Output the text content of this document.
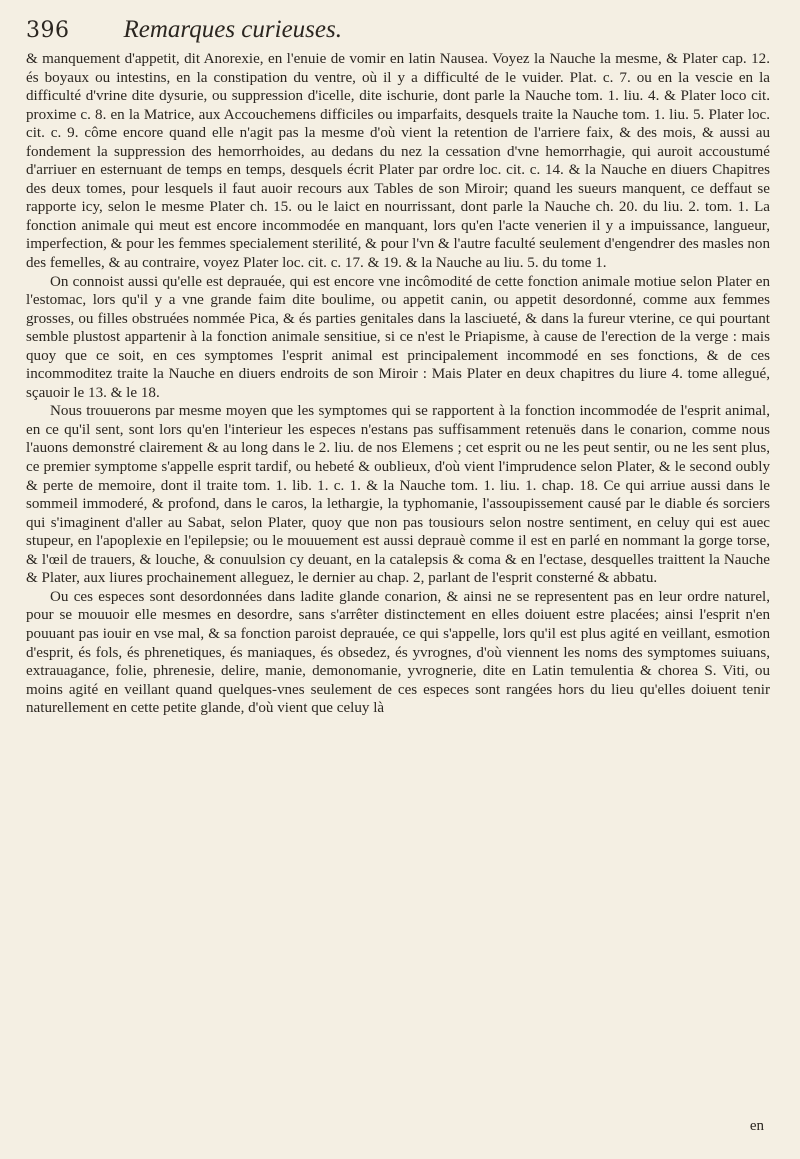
396 Remarques curieuses.

& manquement d'appetit, dit Anorexie, en l'enuie de vomir en latin Nausea. Voyez la Nauche la mesme, & Plater cap. 12. és boyaux ou intestins, en la constipation du ventre, où il y a difficulté de le vuider. Plat. c. 7. ou en la vescie en la difficulté d'vrine dite dysurie, ou suppression d'icelle, dite ischurie, dont parle la Nauche tom. 1. liu. 4. & Plater loco cit. proxime c. 8. en la Matrice, aux Accouchemens difficiles ou imparfaits, desquels traite la Nauche tom. 1. liu. 5. Plater loc. cit. c. 9. côme encore quand elle n'agit pas la mesme d'où vient la retention de l'arriere faix, & des mois, & aussi au fondement la suppression des hemorrhoides, au dedans du nez la cessation d'vne hemorrhagie, qui auroit accoustumé d'arriuer en esternuant de temps en temps, desquels écrit Plater par ordre loc. cit. c. 14. & la Nauche en diuers Chapitres des deux tomes, pour lesquels il faut auoir recours aux Tables de son Miroir; quand les sueurs manquent, ce deffaut se rapporte icy, selon le mesme Plater ch. 15. ou le laict en nourrissant, dont parle la Nauche ch. 20. du liu. 2. tom. 1. La fonction animale qui meut est encore incommodée en manquant, lors qu'en l'acte venerien il y a impuissance, langueur, imperfection, & pour les femmes specialement sterilité, & pour l'vn & l'autre faculté seulement d'engendrer des masles non des femelles, & au contraire, voyez Plater loc. cit. c. 17. & 19. & la Nauche au liu. 5. du tome 1.

On connoist aussi qu'elle est deprauée, qui est encore vne incômodité de cette fonction animale motiue selon Plater en l'estomac, lors qu'il y a vne grande faim dite boulime, ou appetit canin, ou appetit desordonné, comme aux femmes grosses, ou filles obstruées nommée Pica, & és parties genitales dans la lasciueté, & dans la fureur vterine, ce qui pourtant semble plustost appartenir à la fonction animale sensitiue, si ce n'est le Priapisme, à cause de l'erection de la verge : mais quoy que ce soit, en ces symptomes l'esprit animal est principalement incommodé en ses fonctions, & de ces incommoditez traite la Nauche en diuers endroits de son Miroir : Mais Plater en deux chapitres du liure 4. tome allegué, sçauoir le 13. & le 18.

Nous trouuerons par mesme moyen que les symptomes qui se rapportent à la fonction incommodée de l'esprit animal, en ce qu'il sent, sont lors qu'en l'interieur les especes n'estans pas suffisamment retenuës dans le conarion, comme nous l'auons demonstré clairement & au long dans le 2. liu. de nos Elemens ; cet esprit ou ne les peut sentir, ou ne les sent plus, ce premier symptome s'appelle esprit tardif, ou hebeté & oublieux, d'où vient l'imprudence selon Plater, & le second oubly & perte de memoire, dont il traite tom. 1. lib. 1. c. 1. & la Nauche tom. 1. liu. 1. chap. 18. Ce qui arriue aussi dans le sommeil immoderé, & profond, dans le caros, la lethargie, la typhomanie, l'assoupissement causé par le diable és sorciers qui s'imaginent d'aller au Sabat, selon Plater, quoy que non pas tousiours selon nostre sentiment, en celuy qui est auec stupeur, en l'apoplexie en l'epilepsie; ou le mouuement est aussi deprauè comme il est en parlé en nommant la gorge torse, & l'œil de trauers, & louche, & conuulsion cy deuant, en la catalepsis & coma & en l'ectase, desquelles traittent la Nauche & Plater, aux liures prochainement alleguez, le dernier au chap. 2, parlant de l'esprit consterné & abbatu.

Ou ces especes sont desordonnées dans ladite glande conarion, & ainsi ne se representent pas en leur ordre naturel, pour se mouuoir elle mesmes en desordre, sans s'arrêter distinctement en elles doiuent estre placées; ainsi l'esprit n'en pouuant pas iouir en vse mal, & sa fonction paroist deprauée, ce qui s'appelle, lors qu'il est plus agité en veillant, esmotion d'esprit, és fols, és phrenetiques, és maniaques, és obsedez, és yvrognes, d'où viennent les noms des symptomes suiuans, extrauagance, folie, phrenesie, delire, manie, demonomanie, yvrognerie, dite en Latin temulentia & chorea S. Viti, ou moins agité en veillant quand quelques-vnes seulement de ces especes sont rangées hors du lieu qu'elles doiuent tenir naturellement en cette petite glande, d'où vient que celuy là

en
